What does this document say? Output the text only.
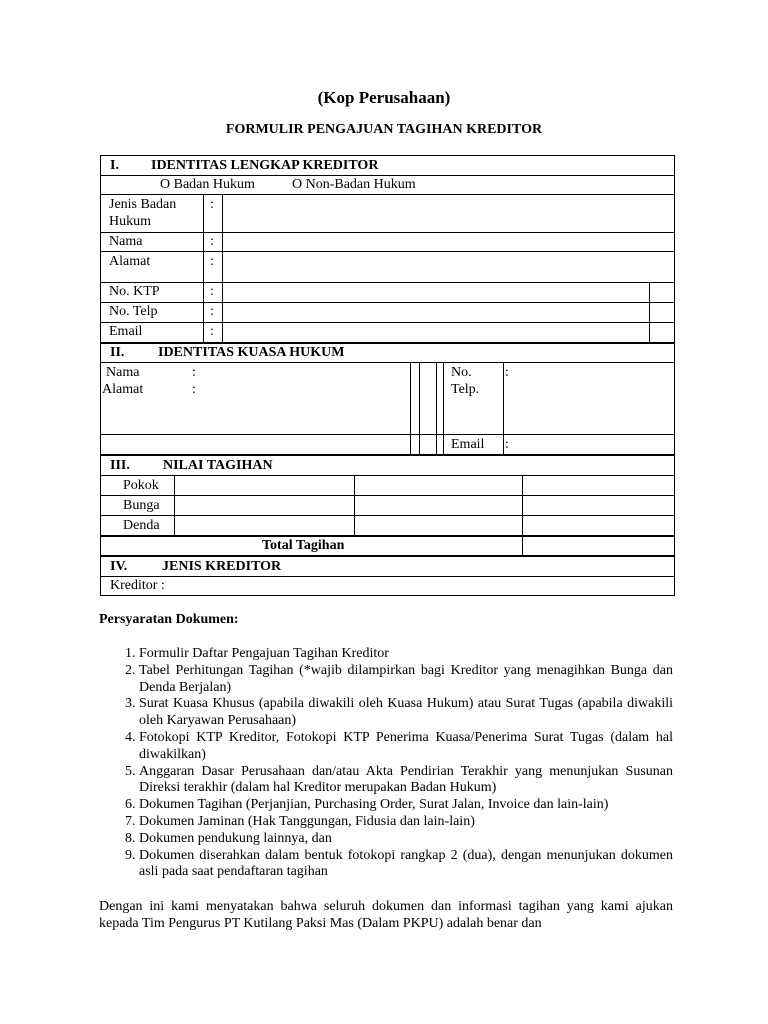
(Kop Perusahaan)
FORMULIR PENGAJUAN TAGIHAN KREDITOR
I. IDENTITAS LENGKAP KREDITOR
O Badan Hukum	O Non-Badan Hukum
Jenis Badan
Hukum
:
Nama	:
Alamat	:
No. KTP	:
No. Telp	:
Email	:
II. IDENTITAS KUASA HUKUM
Nama	:
Alamat	:
No.
Telp.
:
Email :
III. NILAI TAGIHAN
Pokok
Bunga
Denda
Total Tagihan
IV. JENIS KREDITOR
Kreditor :
Persyaratan Dokumen:
1. Formulir Daftar Pengajuan Tagihan Kreditor
2. Tabel Perhitungan Tagihan (*wajib dilampirkan bagi Kreditor yang menagihkan Bunga dan Denda Berjalan)
3. Surat Kuasa Khusus (apabila diwakili oleh Kuasa Hukum) atau Surat Tugas (apabila diwakili oleh Karyawan Perusahaan)
4. Fotokopi KTP Kreditor, Fotokopi KTP Penerima Kuasa/Penerima Surat Tugas (dalam hal diwakilkan)
5. Anggaran Dasar Perusahaan dan/atau Akta Pendirian Terakhir yang menunjukan Susunan Direksi terakhir (dalam hal Kreditor merupakan Badan Hukum)
6. Dokumen Tagihan (Perjanjian, Purchasing Order, Surat Jalan, Invoice dan lain-lain)
7. Dokumen Jaminan (Hak Tanggungan, Fidusia dan lain-lain)
8. Dokumen pendukung lainnya, dan
9. Dokumen diserahkan dalam bentuk fotokopi rangkap 2 (dua), dengan menunjukan dokumen asli pada saat pendaftaran tagihan
Dengan ini kami menyatakan bahwa seluruh dokumen dan informasi tagihan yang kami ajukan kepada Tim Pengurus PT Kutilang Paksi Mas (Dalam PKPU) adalah benar dan
